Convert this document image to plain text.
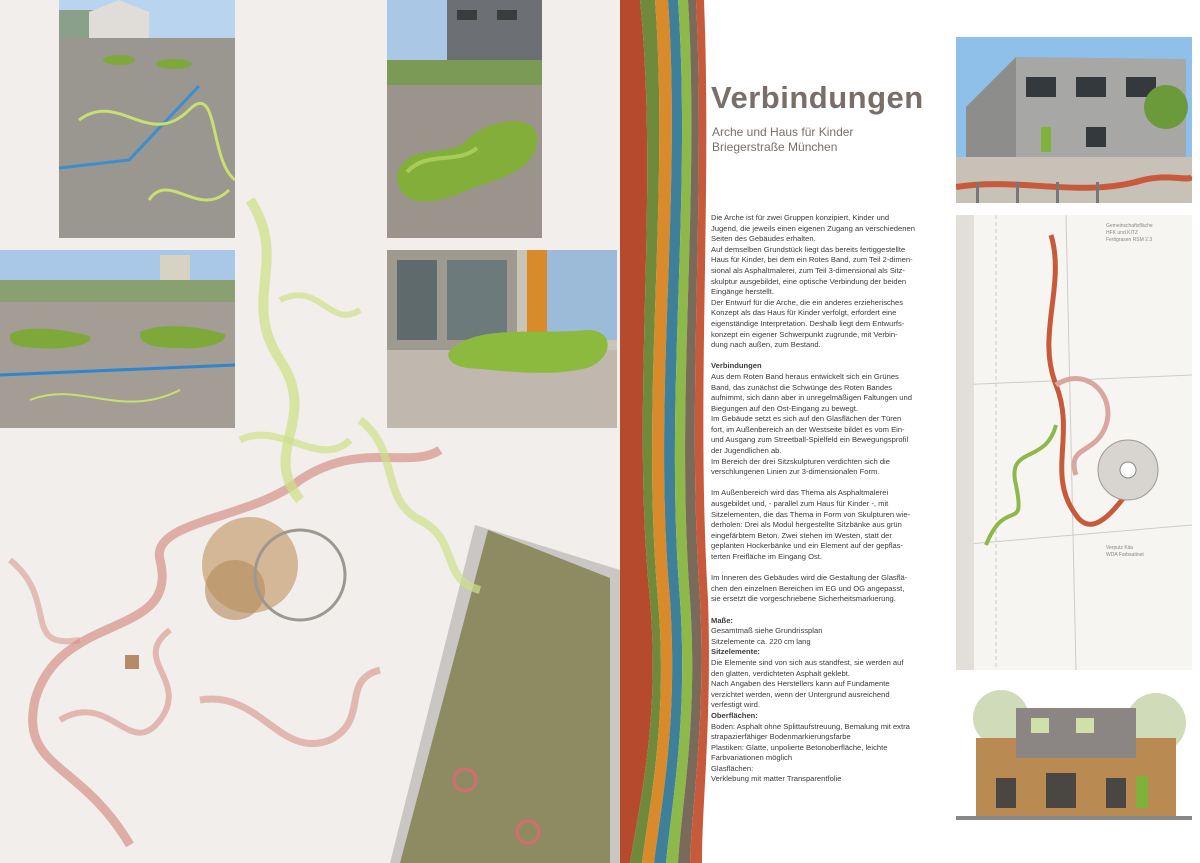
Verbindungen
Arche und Haus für Kinder
Briegerstraße München

Die Arche ist für zwei Gruppen konzipiert, Kinder und

Jugend, die jeweils einen eigenen Zugang an verschiedenen

Seiten des Gebäudes erhalten.

Auf demselben Grundstück liegt das bereits fertiggestellte

Haus für Kinder, bei dem ein Rotes Band, zum Teil 2-dimen-

sional als Asphaltmalerei, zum Teil 3-dimensional als Sitz-

skulptur ausgebildet, eine optische Verbindung der beiden

Eingänge herstellt.

Der Entwurf für die Arche, die ein anderes erzieherisches

Konzept als das Haus für Kinder verfolgt, erfordert eine

eigenständige Interpretation. Deshalb liegt dem Entwurfs-

konzept ein eigener Schwerpunkt zugrunde, mit Verbin-

dung nach außen, zum Bestand.

Verbindungen

Aus dem Roten Band heraus entwickelt sich ein Grünes

Band, das zunächst die Schwünge des Roten Bandes

aufnimmt, sich dann aber in unregelmäßigen Faltungen und

Biegungen auf den Ost-Eingang zu bewegt.

Im Gebäude setzt es sich auf den Glasflächen der Türen

fort, im Außenbereich an der Westseite bildet es vom Ein-

und Ausgang zum Streetball-Spielfeld ein Bewegungsprofil

der Jugendlichen ab.

Im Bereich der drei Sitzskulpturen verdichten sich die

verschlungenen Linien zur 3-dimensionalen Form.

Im Außenbereich wird das Thema als Asphaltmalerei

ausgebildet und, - parallel zum Haus für Kinder -, mit

Sitzelementen, die das Thema in Form von Skulpturen wie-

derholen: Drei als Modul hergestellte Sitzbänke aus grün

eingefärbtem Beton. Zwei stehen im Westen, statt der

geplanten Hockerbänke und ein Element auf der gepflas-

terten Freifläche im Eingang Ost.

Im Inneren des Gebäudes wird die Gestaltung der Glasflä-

chen den einzelnen Bereichen im EG und OG angepasst,

sie ersetzt die vorgeschriebene Sicherheitsmarkierung.

Maße:

Gesamtmaß siehe Grundrissplan

Sitzelemente ca. 220 cm lang

Sitzelemente:

Die Elemente sind von sich aus standfest, sie werden auf

den glatten, verdichteten Asphalt geklebt.

Nach Angaben des Herstellers kann auf Fundamente

verzichtet werden, wenn der Untergrund ausreichend

verfestigt wird.

Oberflächen:

Boden: Asphalt ohne Splittaufstreuung, Bemalung mit extra

strapazierfähiger Bodenmarkierungsfarbe

Plastiken: Glatte, unpolierte Betonoberfläche, leichte

Farbvariationen möglich

Glasflächen:

Verklebung mit matter Transparentfolie

Gemeinschaftsfläche
HFK und KITZ
Fertigrasen RSM 2.3
Verputz Kita
WDA Farbsatinet
